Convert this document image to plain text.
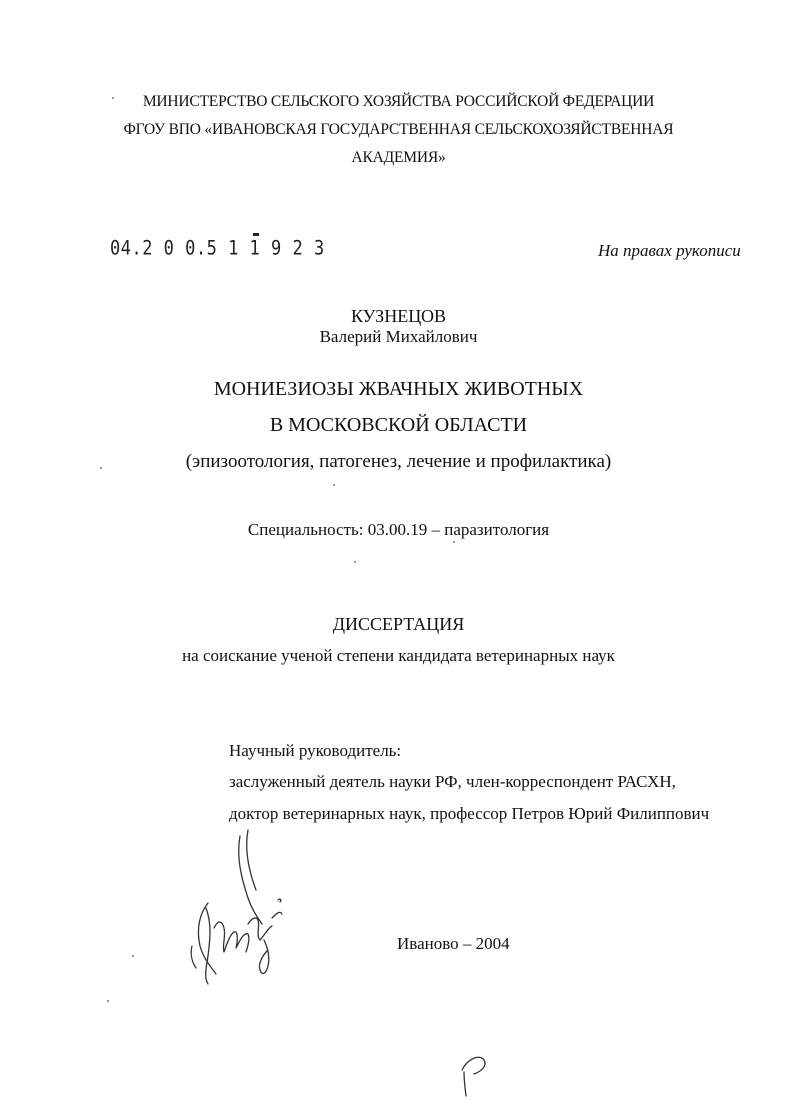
МИНИСТЕРСТВО СЕЛЬСКОГО ХОЗЯЙСТВА РОССИЙСКОЙ ФЕДЕРАЦИИ
ФГОУ ВПО «ИВАНОВСКАЯ ГОСУДАРСТВЕННАЯ СЕЛЬСКОХОЗЯЙСТВЕННАЯ
АКАДЕМИЯ»
04.2 0 0.5 1 1 9 2 3	На правах рукописи
КУЗНЕЦОВ
Валерий Михайлович
МОНИЕЗИОЗЫ ЖВАЧНЫХ ЖИВОТНЫХ
В МОСКОВСКОЙ ОБЛАСТИ
(эпизоотология, патогенез, лечение и профилактика)
Специальность: 03.00.19 – паразитология
ДИССЕРТАЦИЯ
на соискание ученой степени кандидата ветеринарных наук
Научный руководитель:
заслуженный деятель науки РФ, член-корреспондент РАСХН,
доктор ветеринарных наук, профессор Петров Юрий Филиппович
Иваново – 2004
